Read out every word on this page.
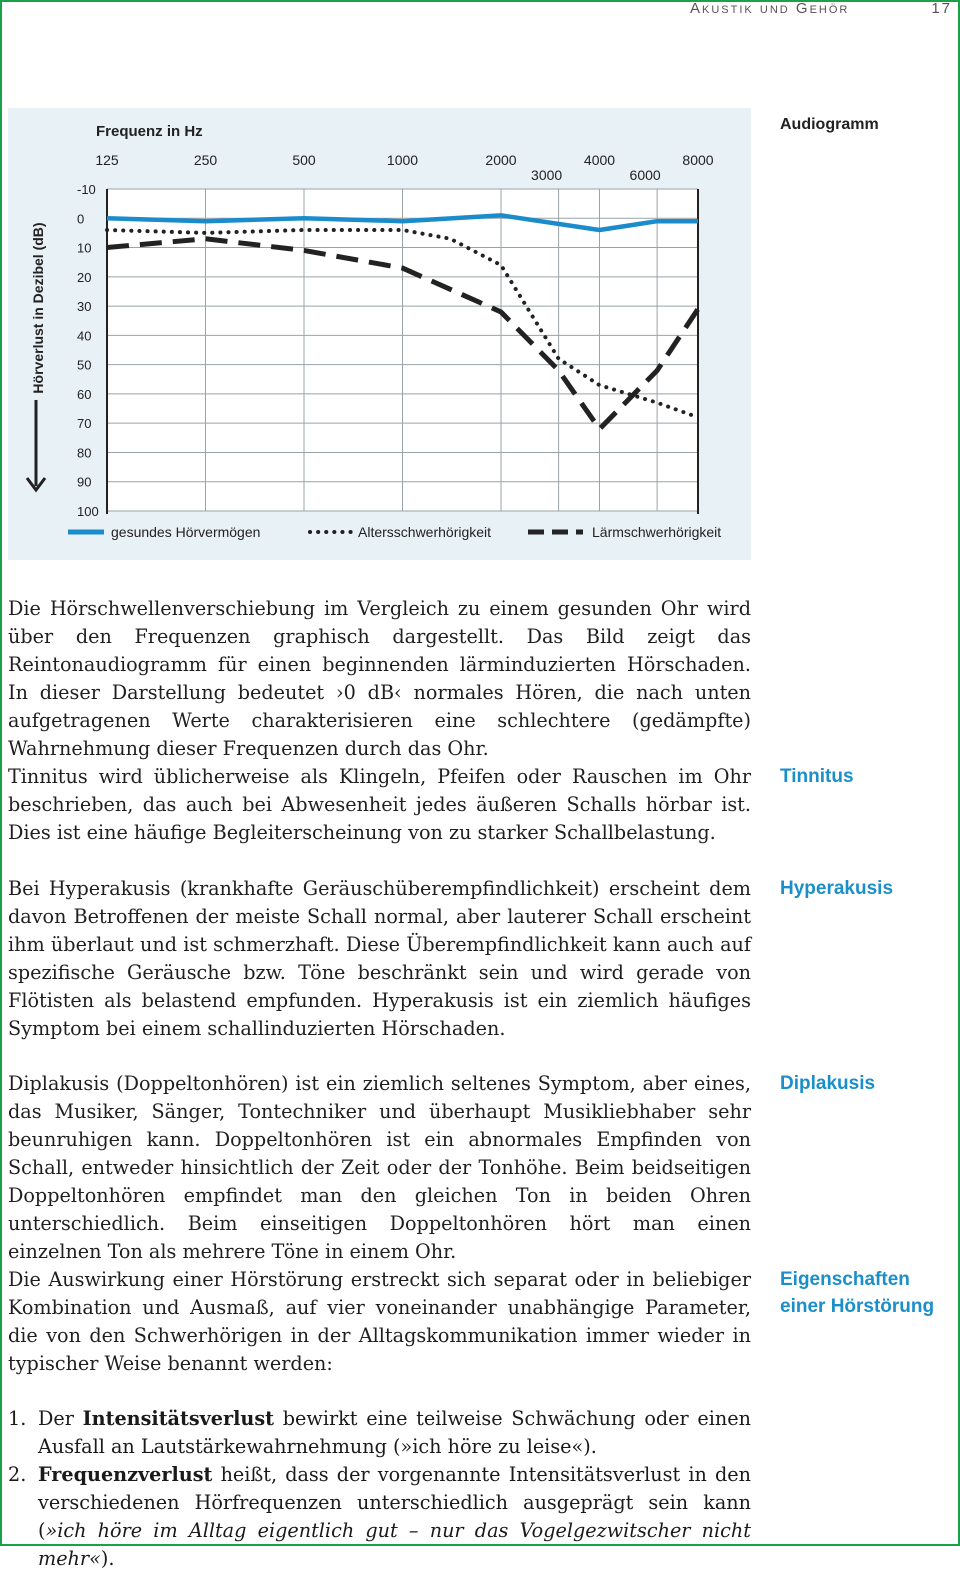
Akustik und Gehör	17
-10
0
10
20
30
40
50
60
70
80
90
100
125	250	500	1000	2000	4000	8000
3000	6000
Frequenz in Hz
Hörverlust in Dezibel (dB)
gesundes Hörvermögen	Altersschwerhörigkeit	Lärmschwerhörigkeit
Audiogramm
Tinnitus
Hyperakusis
Diplakusis
Eigenschaften
einer Hörstörung

Die Hörschwellenverschiebung im Vergleich zu einem gesunden Ohr wird über den Frequenzen graphisch dargestellt. Das Bild zeigt das Reintonaudiogramm für einen beginnenden lärminduzierten Hörschaden. In dieser Darstellung bedeutet ›0 dB‹ normales Hören, die nach unten aufgetragenen Werte charakterisieren eine schlechtere (gedämpfte) Wahrnehmung dieser Frequenzen durch das Ohr.

Tinnitus wird üblicherweise als Klingeln, Pfeifen oder Rauschen im Ohr beschrieben, das auch bei Abwesenheit jedes äußeren Schalls hörbar ist. Dies ist eine häufige Begleiterscheinung von zu starker Schallbelastung.

Bei Hyperakusis (krankhafte Geräuschüberempfindlichkeit) erscheint dem davon Betroffenen der meiste Schall normal, aber lauterer Schall erscheint ihm überlaut und ist schmerzhaft. Diese Überempfindlichkeit kann auch auf spezifische Geräusche bzw. Töne beschränkt sein und wird gerade von Flötisten als belastend empfunden. Hyperakusis ist ein ziemlich häufiges Symptom bei einem schallinduzierten Hörschaden.

Diplakusis (Doppeltonhören) ist ein ziemlich seltenes Symptom, aber eines, das Musiker, Sänger, Tontechniker und überhaupt Musikliebhaber sehr beunruhigen kann. Doppeltonhören ist ein abnormales Empfinden von Schall, entweder hinsichtlich der Zeit oder der Tonhöhe. Beim beidseitigen Doppeltonhören empfindet man den gleichen Ton in beiden Ohren unterschiedlich. Beim einseitigen Doppeltonhören hört man einen einzelnen Ton als mehrere Töne in einem Ohr.

Die Auswirkung einer Hörstörung erstreckt sich separat oder in beliebiger Kombination und Ausmaß, auf vier voneinander unabhängige Parameter, die von den Schwerhörigen in der Alltagskommunikation immer wieder in typischer Weise benannt werden:

1. Der Intensitätsverlust bewirkt eine teilweise Schwächung oder einen Ausfall an Lautstärkewahrnehmung (»ich höre zu leise«).
2. Frequenzverlust heißt, dass der vorgenannte Intensitätsverlust in den verschiedenen Hörfrequenzen unterschiedlich ausgeprägt sein kann (»ich höre im Alltag eigentlich gut – nur das Vogelgezwitscher nicht mehr«).
